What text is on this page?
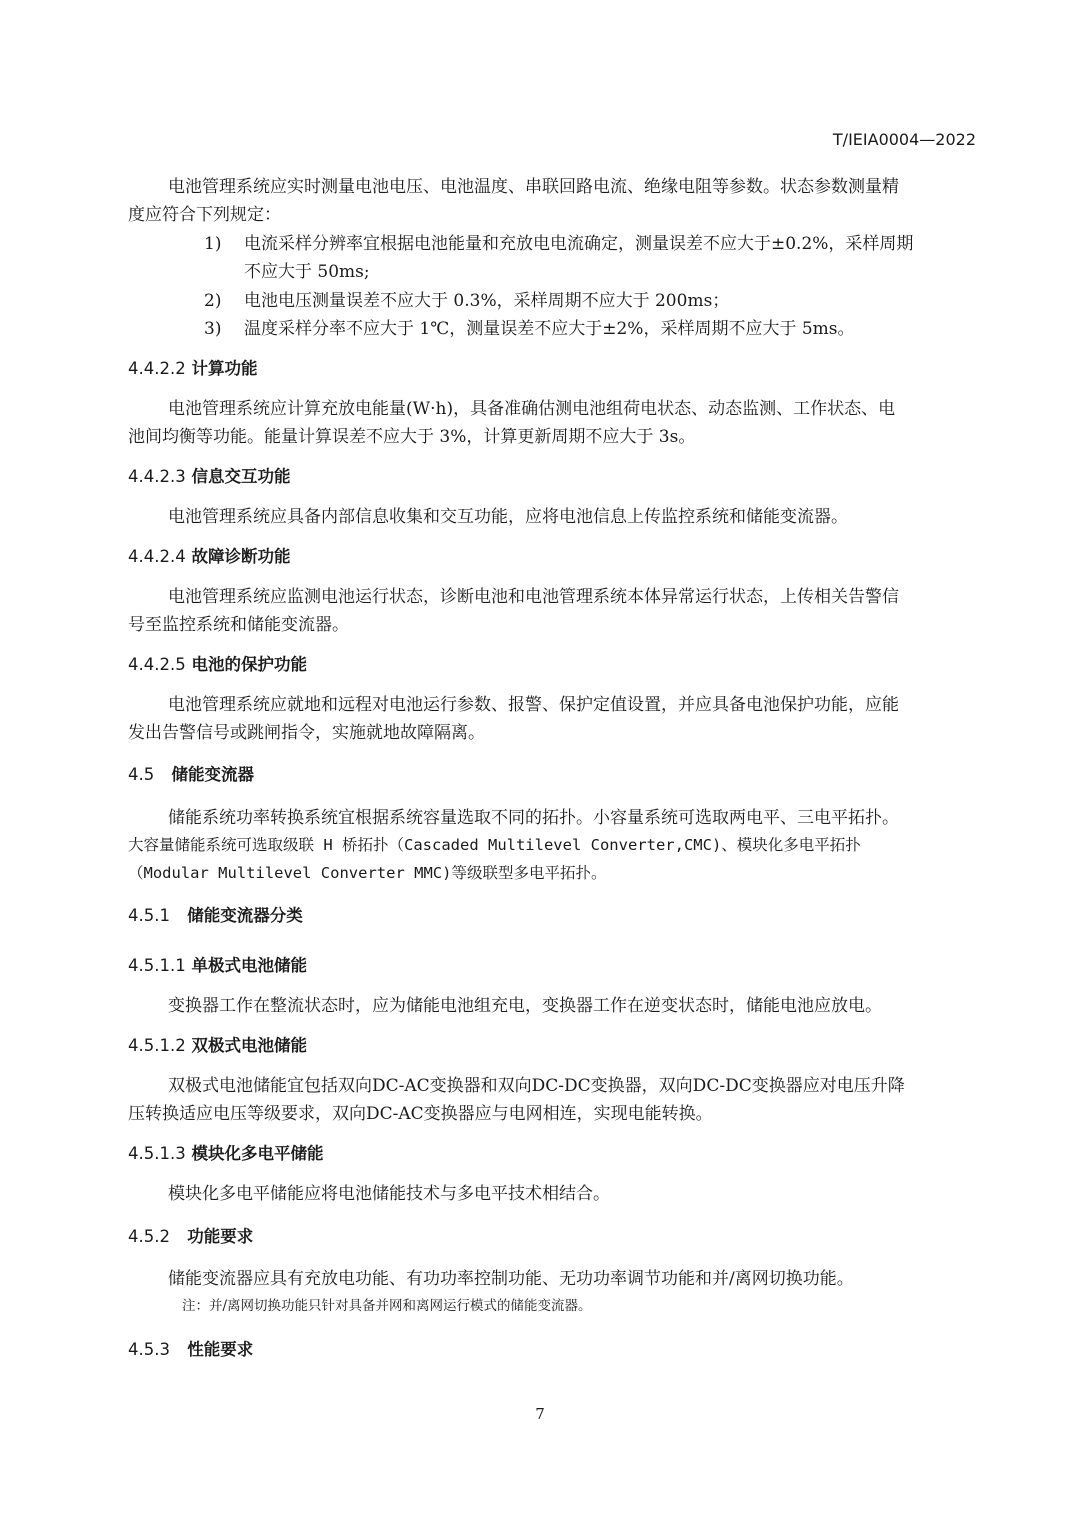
T/IEIA0004—2022
电池管理系统应实时测量电池电压、电池温度、串联回路电流、绝缘电阻等参数。状态参数测量精
度应符合下列规定：
1) 电流采样分辨率宜根据电池能量和充放电电流确定，测量误差不应大于±0.2%，采样周期
不应大于 50ms;
2) 电池电压测量误差不应大于 0.3%，采样周期不应大于 200ms；
3) 温度采样分率不应大于 1℃，测量误差不应大于±2%，采样周期不应大于 5ms。
4.4.2.2 计算功能
电池管理系统应计算充放电能量(W·h)，具备准确估测电池组荷电状态、动态监测、工作状态、电
池间均衡等功能。能量计算误差不应大于 3%，计算更新周期不应大于 3s。
4.4.2.3 信息交互功能
电池管理系统应具备内部信息收集和交互功能，应将电池信息上传监控系统和储能变流器。
4.4.2.4 故障诊断功能
电池管理系统应监测电池运行状态，诊断电池和电池管理系统本体异常运行状态，上传相关告警信
号至监控系统和储能变流器。
4.4.2.5 电池的保护功能
电池管理系统应就地和远程对电池运行参数、报警、保护定值设置，并应具备电池保护功能，应能
发出告警信号或跳闸指令，实施就地故障隔离。
4.5 储能变流器
储能系统功率转换系统宜根据系统容量选取不同的拓扑。小容量系统可选取两电平、三电平拓扑。
大容量储能系统可选取级联 H 桥拓扑（Cascaded Multilevel Converter,CMC)、模块化多电平拓扑
（Modular Multilevel Converter MMC)等级联型多电平拓扑。
4.5.1 储能变流器分类
4.5.1.1 单极式电池储能
变换器工作在整流状态时，应为储能电池组充电，变换器工作在逆变状态时，储能电池应放电。
4.5.1.2 双极式电池储能
双极式电池储能宜包括双向DC-AC变换器和双向DC-DC变换器，双向DC-DC变换器应对电压升降
压转换适应电压等级要求，双向DC-AC变换器应与电网相连，实现电能转换。
4.5.1.3 模块化多电平储能
模块化多电平储能应将电池储能技术与多电平技术相结合。
4.5.2 功能要求
储能变流器应具有充放电功能、有功功率控制功能、无功功率调节功能和并/离网切换功能。
注：并/离网切换功能只针对具备并网和离网运行模式的储能变流器。
4.5.3 性能要求
7
